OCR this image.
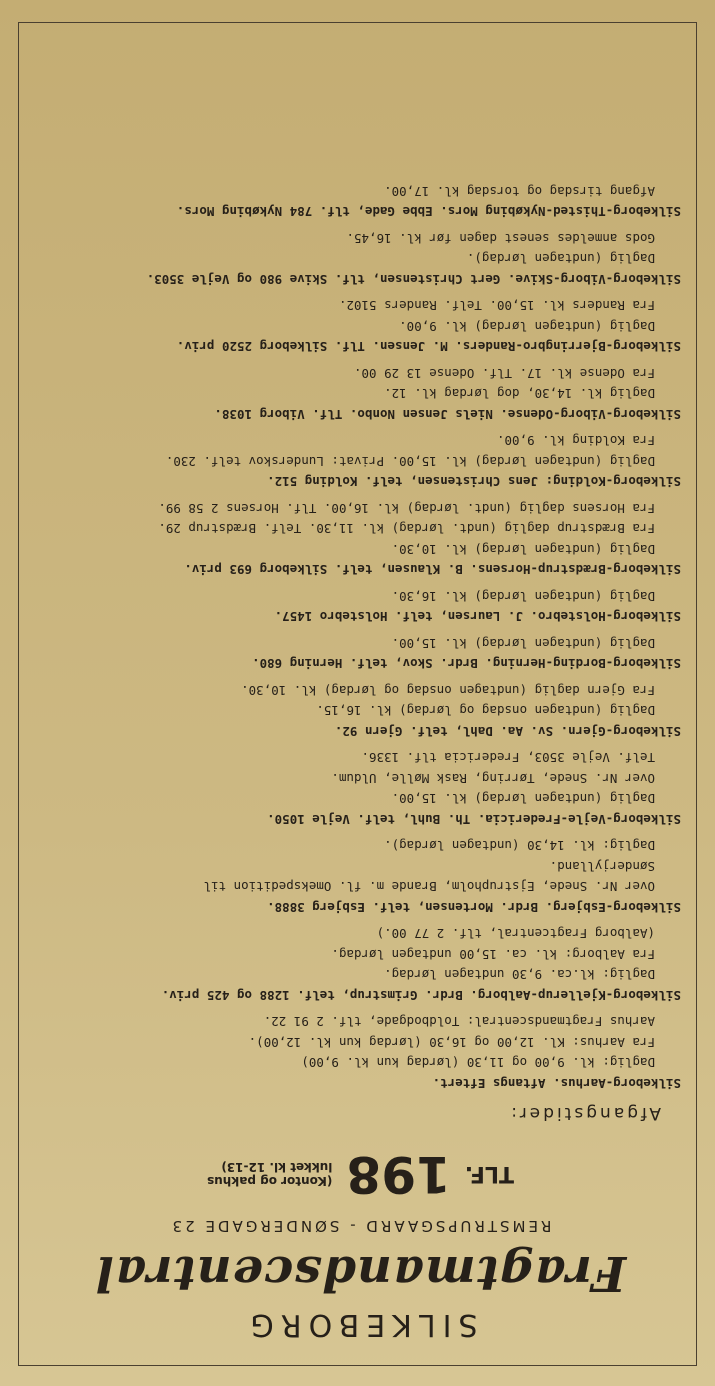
SILKEBORG
Fragtmandscentral
REMSTRUPSGAARD - SØNDERGADE 23
TLF.
198
(Kontor og pakhus
lukket kl. 12-13)
Afgangstider:
Silkeborg-Aarhus. Aftangs Eftert.
Daglig: kl. 9,00 og 11,30 (lørdag kun kl. 9,00)
Fra Aarhus: Kl. 12,00 og 16,30 (lørdag kun kl. 12,00).
Aarhus Fragtmandscentral: Toldbodgade, tlf. 2 91 22.
Silkeborg-Kjellerup-Aalborg. Brdr. Grimstrup, telf. 1288 og 425 priv.
Daglig: kl.ca. 9,30 undtagen lørdag.
Fra Aalborg: kl. ca. 15,00 undtagen lørdag.
(Aalborg Fragtcentral, tlf. 2 77 00.)
Silkeborg-Esbjerg. Brdr. Mortensen, telf. Esbjerg 3888.
Over Nr. Snede, Ejstrupholm, Brande m. fl. Omekspedition til
Sønderjylland.
Daglig: kl. 14,30 (undtagen lørdag).
Silkeborg-Vejle-Fredericia. Th. Buhl, telf. Vejle 1050.
Daglig (undtagen lørdag) kl. 15,00.
Over Nr. Snede, Tørring, Rask Mølle, Uldum.
Telf. Vejle 3503, Fredericia tlf. 1336.
Silkeborg-Gjern. Sv. Aa. Dahl, telf. Gjern 92.
Daglig (undtagen onsdag og lørdag) kl. 16,15.
Fra Gjern daglig (undtagen onsdag og lørdag) kl. 10,30.
Silkeborg-Bording-Herning. Brdr. Skov, telf. Herning 680.
Daglig (undtagen lørdag) kl. 15,00.
Silkeborg-Holstebro. J. Laursen, telf. Holstebro 1457.
Daglig (undtagen lørdag) kl. 16,30.
Silkeborg-Brædstrup-Horsens. B. Klausen, telf. Silkeborg 693 priv.
Daglig (undtagen lørdag) kl. 10,30.
Fra Brædstrup daglig (undt. lørdag) kl. 11,30. Telf. Brædstrup 29.
Fra Horsens daglig (undt. lørdag) kl. 16,00. Tlf. Horsens 2 58 99.
Silkeborg-Kolding: Jens Christensen, telf. Kolding 512.
Daglig (undtagen lørdag) kl. 15,00. Privat: Lunderskov telf. 230.
Fra Kolding kl. 9,00.
Silkeborg-Viborg-Odense. Niels Jensen Nonbo. Tlf. Viborg 1038.
Daglig kl. 14,30, dog lørdag kl. 12.
Fra Odense kl. 17. Tlf. Odense 13 29 00.
Silkeborg-Bjerringbro-Randers. M. Jensen. Tlf. Silkeborg 2520 priv.
Daglig (undtagen lørdag) kl. 9,00.
Fra Randers kl. 15,00. Telf. Randers 5102.
Silkeborg-Viborg-Skive. Gert Christensen, tlf. Skive 980 og Vejle 3503.
Daglig (undtagen lørdag).
Gods anmeldes senest dagen før kl. 16,45.
Silkeborg-Thisted-Nykøbing Mors. Ebbe Gade, tlf. 784 Nykøbing Mors.
Afgang tirsdag og torsdag kl. 17,00.
